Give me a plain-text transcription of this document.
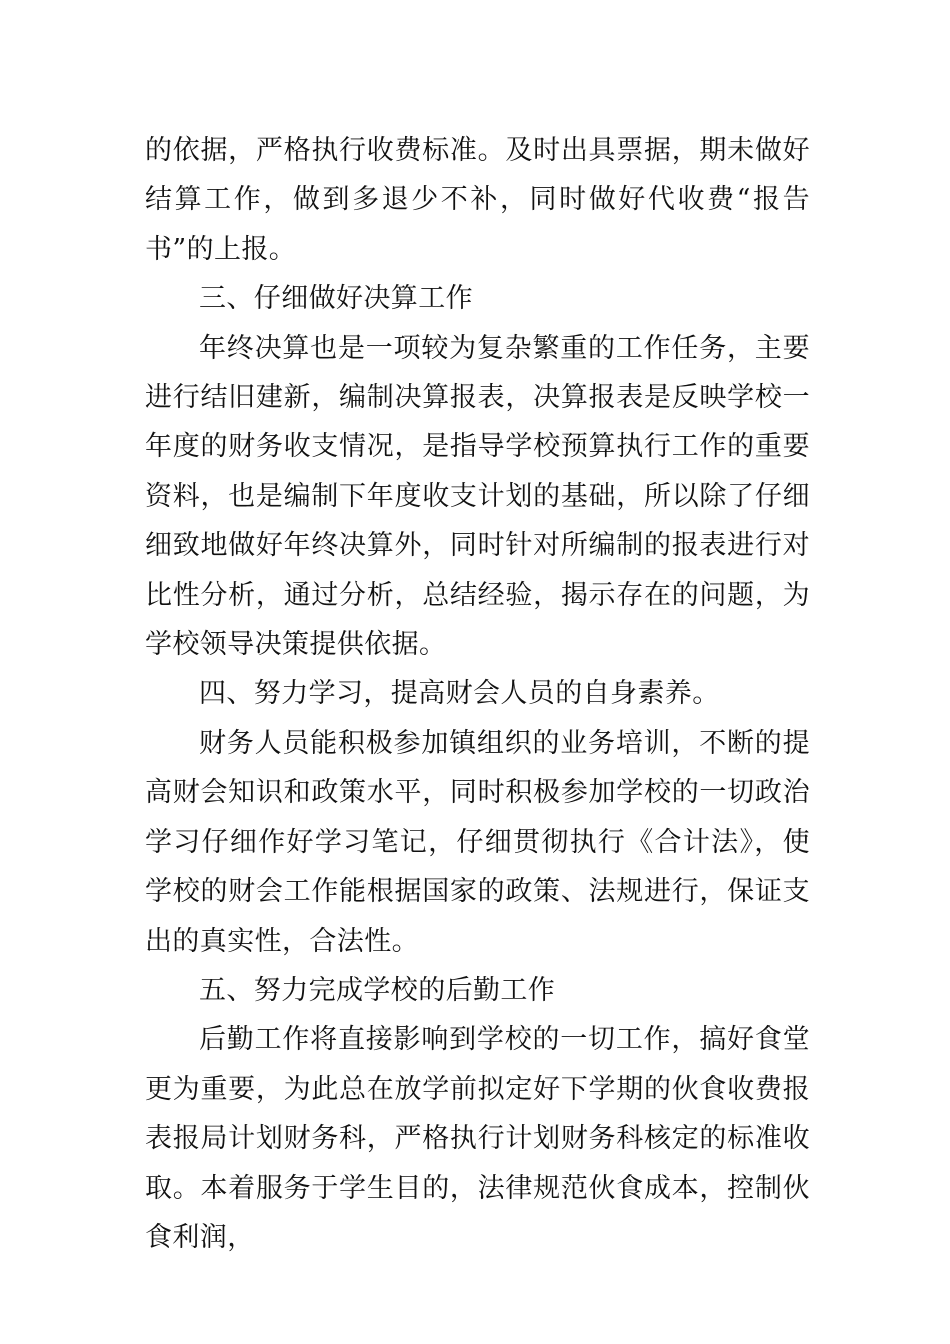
的依据，严格执行收费标准。及时出具票据，期未做好结算工作，做到多退少不补，同时做好代收费“报告书”的上报。

三、仔细做好决算工作

年终决算也是一项较为复杂繁重的工作任务，主要进行结旧建新，编制决算报表，决算报表是反映学校一年度的财务收支情况，是指导学校预算执行工作的重要资料，也是编制下年度收支计划的基础，所以除了仔细细致地做好年终决算外，同时针对所编制的报表进行对比性分析，通过分析，总结经验，揭示存在的问题，为学校领导决策提供依据。

四、努力学习，提高财会人员的自身素养。

财务人员能积极参加镇组织的业务培训，不断的提高财会知识和政策水平，同时积极参加学校的一切政治学习仔细作好学习笔记，仔细贯彻执行《合计法》，使学校的财会工作能根据国家的政策、法规进行，保证支出的真实性，合法性。

五、努力完成学校的后勤工作

后勤工作将直接影响到学校的一切工作，搞好食堂更为重要，为此总在放学前拟定好下学期的伙食收费报表报局计划财务科，严格执行计划财务科核定的标准收取。本着服务于学生目的，法律规范伙食成本，控制伙食利润，
